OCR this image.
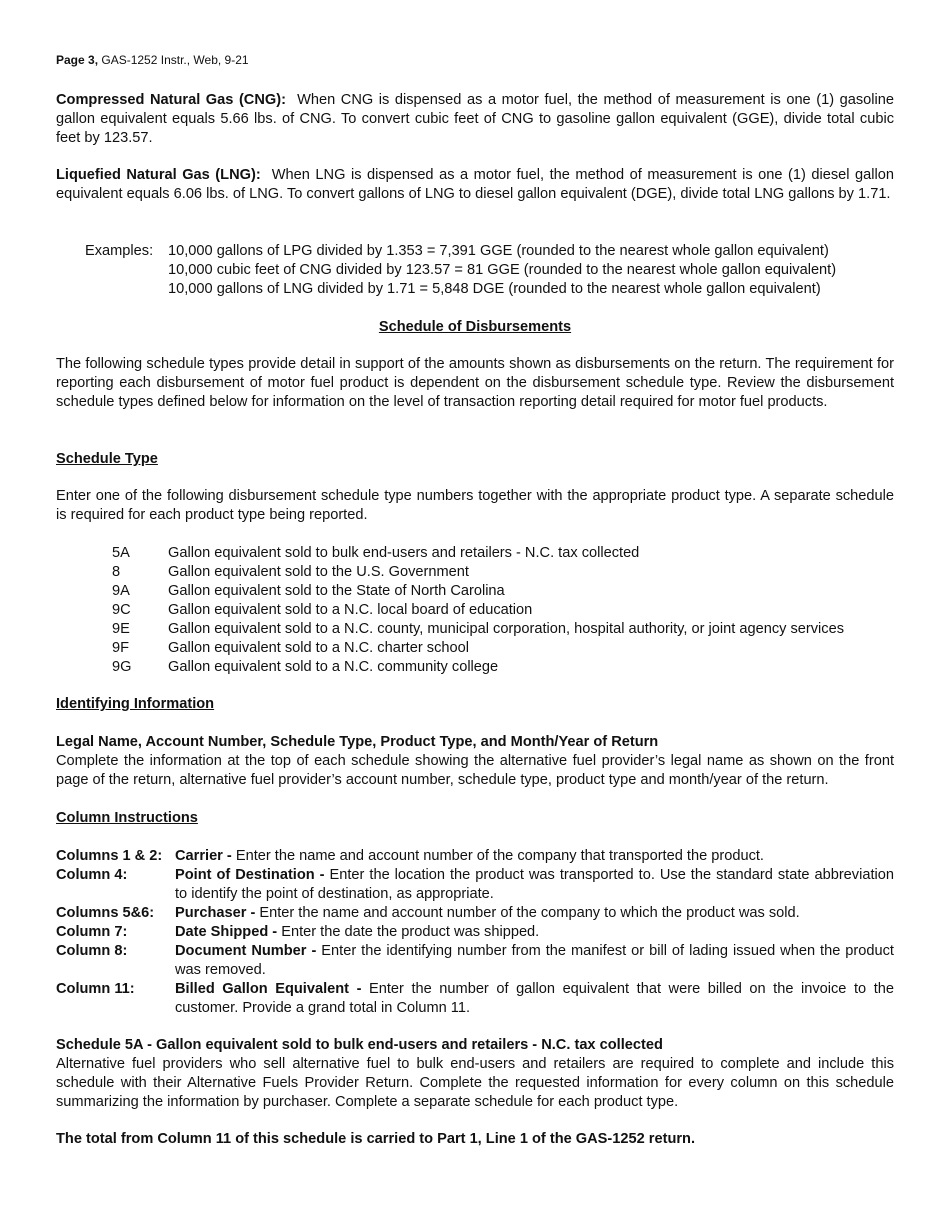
Page 3, GAS-1252 Instr., Web, 9-21
Compressed Natural Gas (CNG): When CNG is dispensed as a motor fuel, the method of measurement is one (1) gasoline gallon equivalent equals 5.66 lbs. of CNG. To convert cubic feet of CNG to gasoline gallon equivalent (GGE), divide total cubic feet by 123.57.
Liquefied Natural Gas (LNG): When LNG is dispensed as a motor fuel, the method of measurement is one (1) diesel gallon equivalent equals 6.06 lbs. of LNG. To convert gallons of LNG to diesel gallon equivalent (DGE), divide total LNG gallons by 1.71.
Examples: 10,000 gallons of LPG divided by 1.353 = 7,391 GGE (rounded to the nearest whole gallon equivalent)
10,000 cubic feet of CNG divided by 123.57 = 81 GGE (rounded to the nearest whole gallon equivalent)
10,000 gallons of LNG divided by 1.71 = 5,848 DGE (rounded to the nearest whole gallon equivalent)
Schedule of Disbursements
The following schedule types provide detail in support of the amounts shown as disbursements on the return. The requirement for reporting each disbursement of motor fuel product is dependent on the disbursement schedule type. Review the disbursement schedule types defined below for information on the level of transaction reporting detail required for motor fuel products.
Schedule Type
Enter one of the following disbursement schedule type numbers together with the appropriate product type. A separate schedule is required for each product type being reported.
5A	Gallon equivalent sold to bulk end-users and retailers - N.C. tax collected
8	Gallon equivalent sold to the U.S. Government
9A	Gallon equivalent sold to the State of North Carolina
9C	Gallon equivalent sold to a N.C. local board of education
9E	Gallon equivalent sold to a N.C. county, municipal corporation, hospital authority, or joint agency services
9F	Gallon equivalent sold to a N.C. charter school
9G	Gallon equivalent sold to a N.C. community college
Identifying Information
Legal Name, Account Number, Schedule Type, Product Type, and Month/Year of Return
Complete the information at the top of each schedule showing the alternative fuel provider’s legal name as shown on the front page of the return, alternative fuel provider’s account number, schedule type, product type and month/year of the return.
Column Instructions
Columns 1 & 2: Carrier - Enter the name and account number of the company that transported the product.
Column 4:	Point of Destination - Enter the location the product was transported to. Use the standard state abbreviation to identify the point of destination, as appropriate.
Columns 5&6: Purchaser - Enter the name and account number of the company to which the product was sold.
Column 7:	Date Shipped - Enter the date the product was shipped.
Column 8:	Document Number - Enter the identifying number from the manifest or bill of lading issued when the product was removed.
Column 11:	Billed Gallon Equivalent - Enter the number of gallon equivalent that were billed on the invoice to the customer. Provide a grand total in Column 11.
Schedule 5A - Gallon equivalent sold to bulk end-users and retailers - N.C. tax collected
Alternative fuel providers who sell alternative fuel to bulk end-users and retailers are required to complete and include this schedule with their Alternative Fuels Provider Return. Complete the requested information for every column on this schedule summarizing the information by purchaser. Complete a separate schedule for each product type.
The total from Column 11 of this schedule is carried to Part 1, Line 1 of the GAS-1252 return.
